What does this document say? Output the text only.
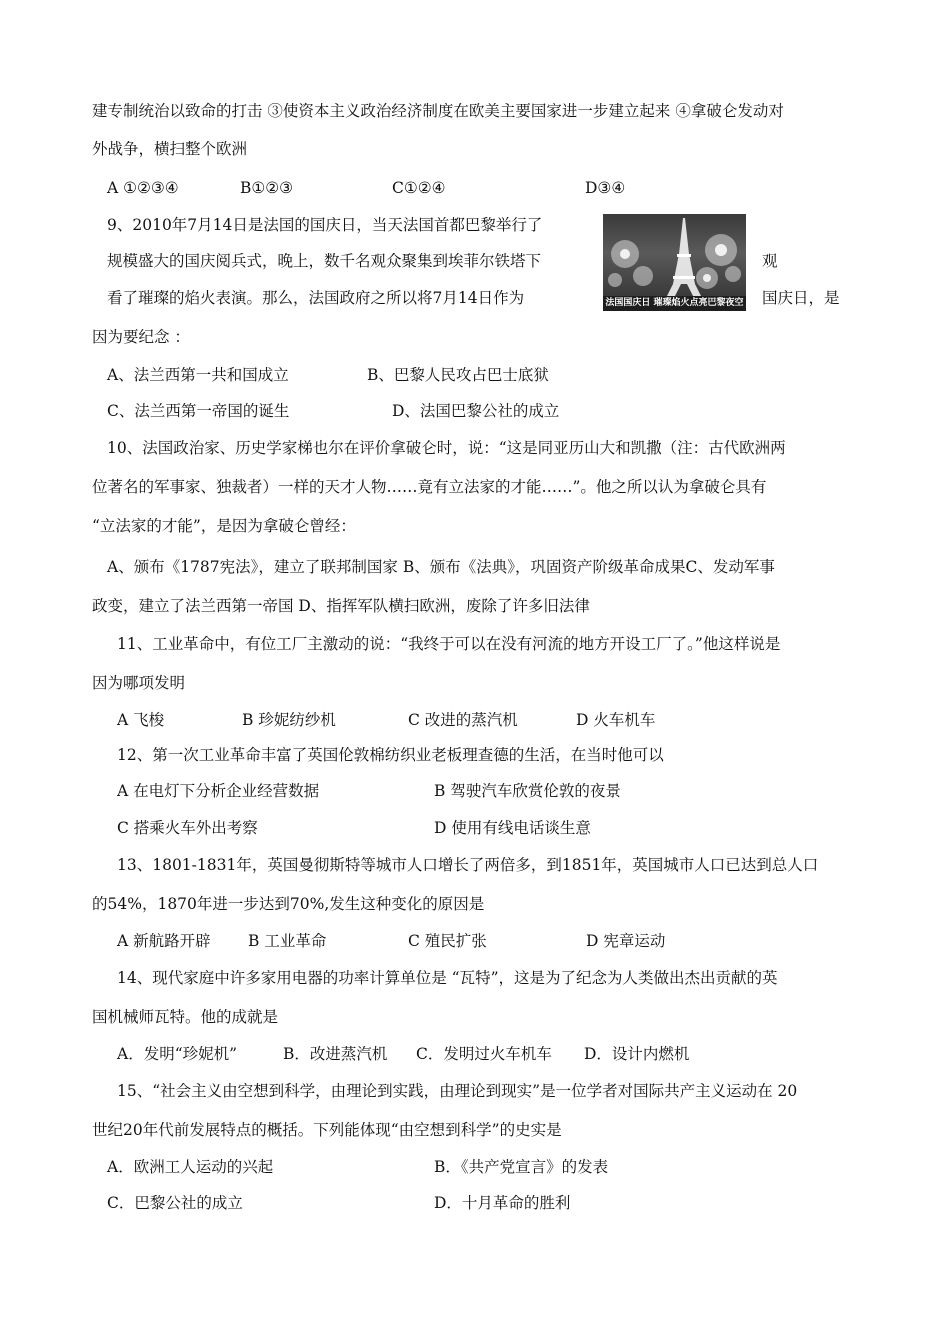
建专制统治以致命的打击 ③使资本主义政治经济制度在欧美主要国家进一步建立起来 ④拿破仑发动对
外战争，横扫整个欧洲
A ①②③④	B①②③	C①②④	D③④
9、2010年7月14日是法国的国庆日，当天法国首都巴黎举行了
规模盛大的国庆阅兵式，晚上，数千名观众聚集到埃菲尔铁塔下	观
看了璀璨的焰火表演。那么，法国政府之所以将7月14日作为	国庆日，是
因为要纪念 ：
法国国庆日 璀璨焰火点亮巴黎夜空
A、法兰西第一共和国成立	B、巴黎人民攻占巴士底狱
C、法兰西第一帝国的诞生	D、法国巴黎公社的成立
10、法国政治家、历史学家梯也尔在评价拿破仑时，说：“这是同亚历山大和凯撒（注：古代欧洲两
位著名的军事家、独裁者）一样的天才人物……竟有立法家的才能……”。他之所以认为拿破仑具有
“立法家的才能”，是因为拿破仑曾经：
A、颁布《1787宪法》，建立了联邦制国家 B、颁布《法典》，巩固资产阶级革命成果C、发动军事
政变，建立了法兰西第一帝国 D、指挥军队横扫欧洲，废除了许多旧法律
11、工业革命中，有位工厂主激动的说：“我终于可以在没有河流的地方开设工厂了。”他这样说是
因为哪项发明
A 飞梭	B 珍妮纺纱机	C 改进的蒸汽机	D 火车机车
12、第一次工业革命丰富了英国伦敦棉纺织业老板理查德的生活，在当时他可以
A 在电灯下分析企业经营数据	B 驾驶汽车欣赏伦敦的夜景
C 搭乘火车外出考察	D 使用有线电话谈生意
13、1801-1831年，英国曼彻斯特等城市人口增长了两倍多，到1851年，英国城市人口已达到总人口
的54%，1870年进一步达到70%,发生这种变化的原因是
A 新航路开辟 B 工业革命	C 殖民扩张	D 宪章运动
14、现代家庭中许多家用电器的功率计算单位是 “瓦特”，这是为了纪念为人类做出杰出贡献的英
国机械师瓦特。他的成就是
A．发明“珍妮机”	B．改进蒸汽机 C．发明过火车机车 D．设计内燃机
15、“社会主义由空想到科学，由理论到实践，由理论到现实”是一位学者对国际共产主义运动在 20
世纪20年代前发展特点的概括。下列能体现“由空想到科学”的史实是
A．欧洲工人运动的兴起	B．《共产党宣言》的发表
C．巴黎公社的成立	D．十月革命的胜利
